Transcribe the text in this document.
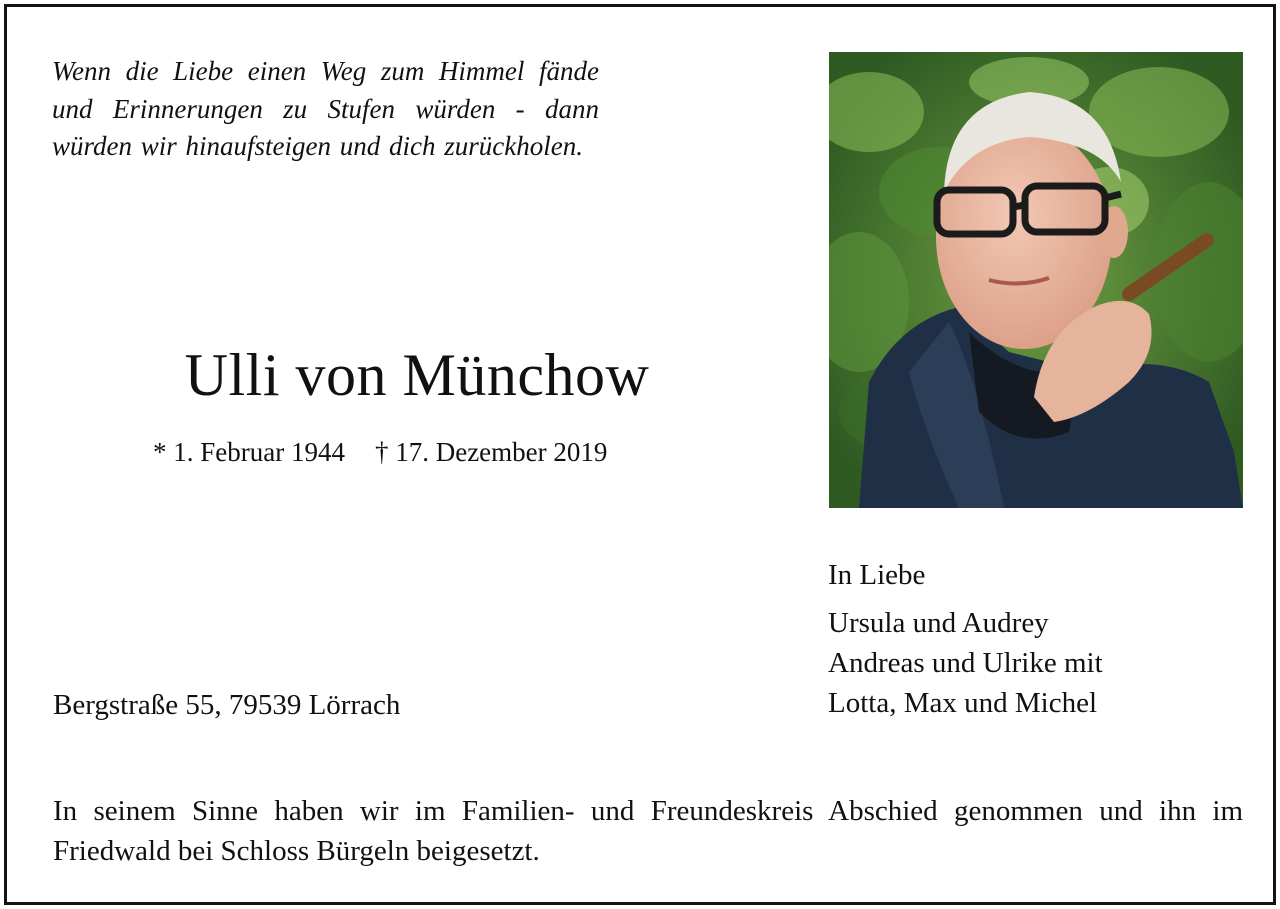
Wenn die Liebe einen Weg zum Himmel fände und Erinnerungen zu Stufen würden - dann würden wir hinaufsteigen und dich zurückholen.
Ulli von Münchow
* 1. Februar 1944 † 17. Dezember 2019
In Liebe
Ursula und Audrey
Andreas und Ulrike mit
Lotta, Max und Michel
Bergstraße 55, 79539 Lörrach
In seinem Sinne haben wir im Familien- und Freundeskreis Abschied genommen und ihn im Friedwald bei Schloss Bürgeln beigesetzt.
